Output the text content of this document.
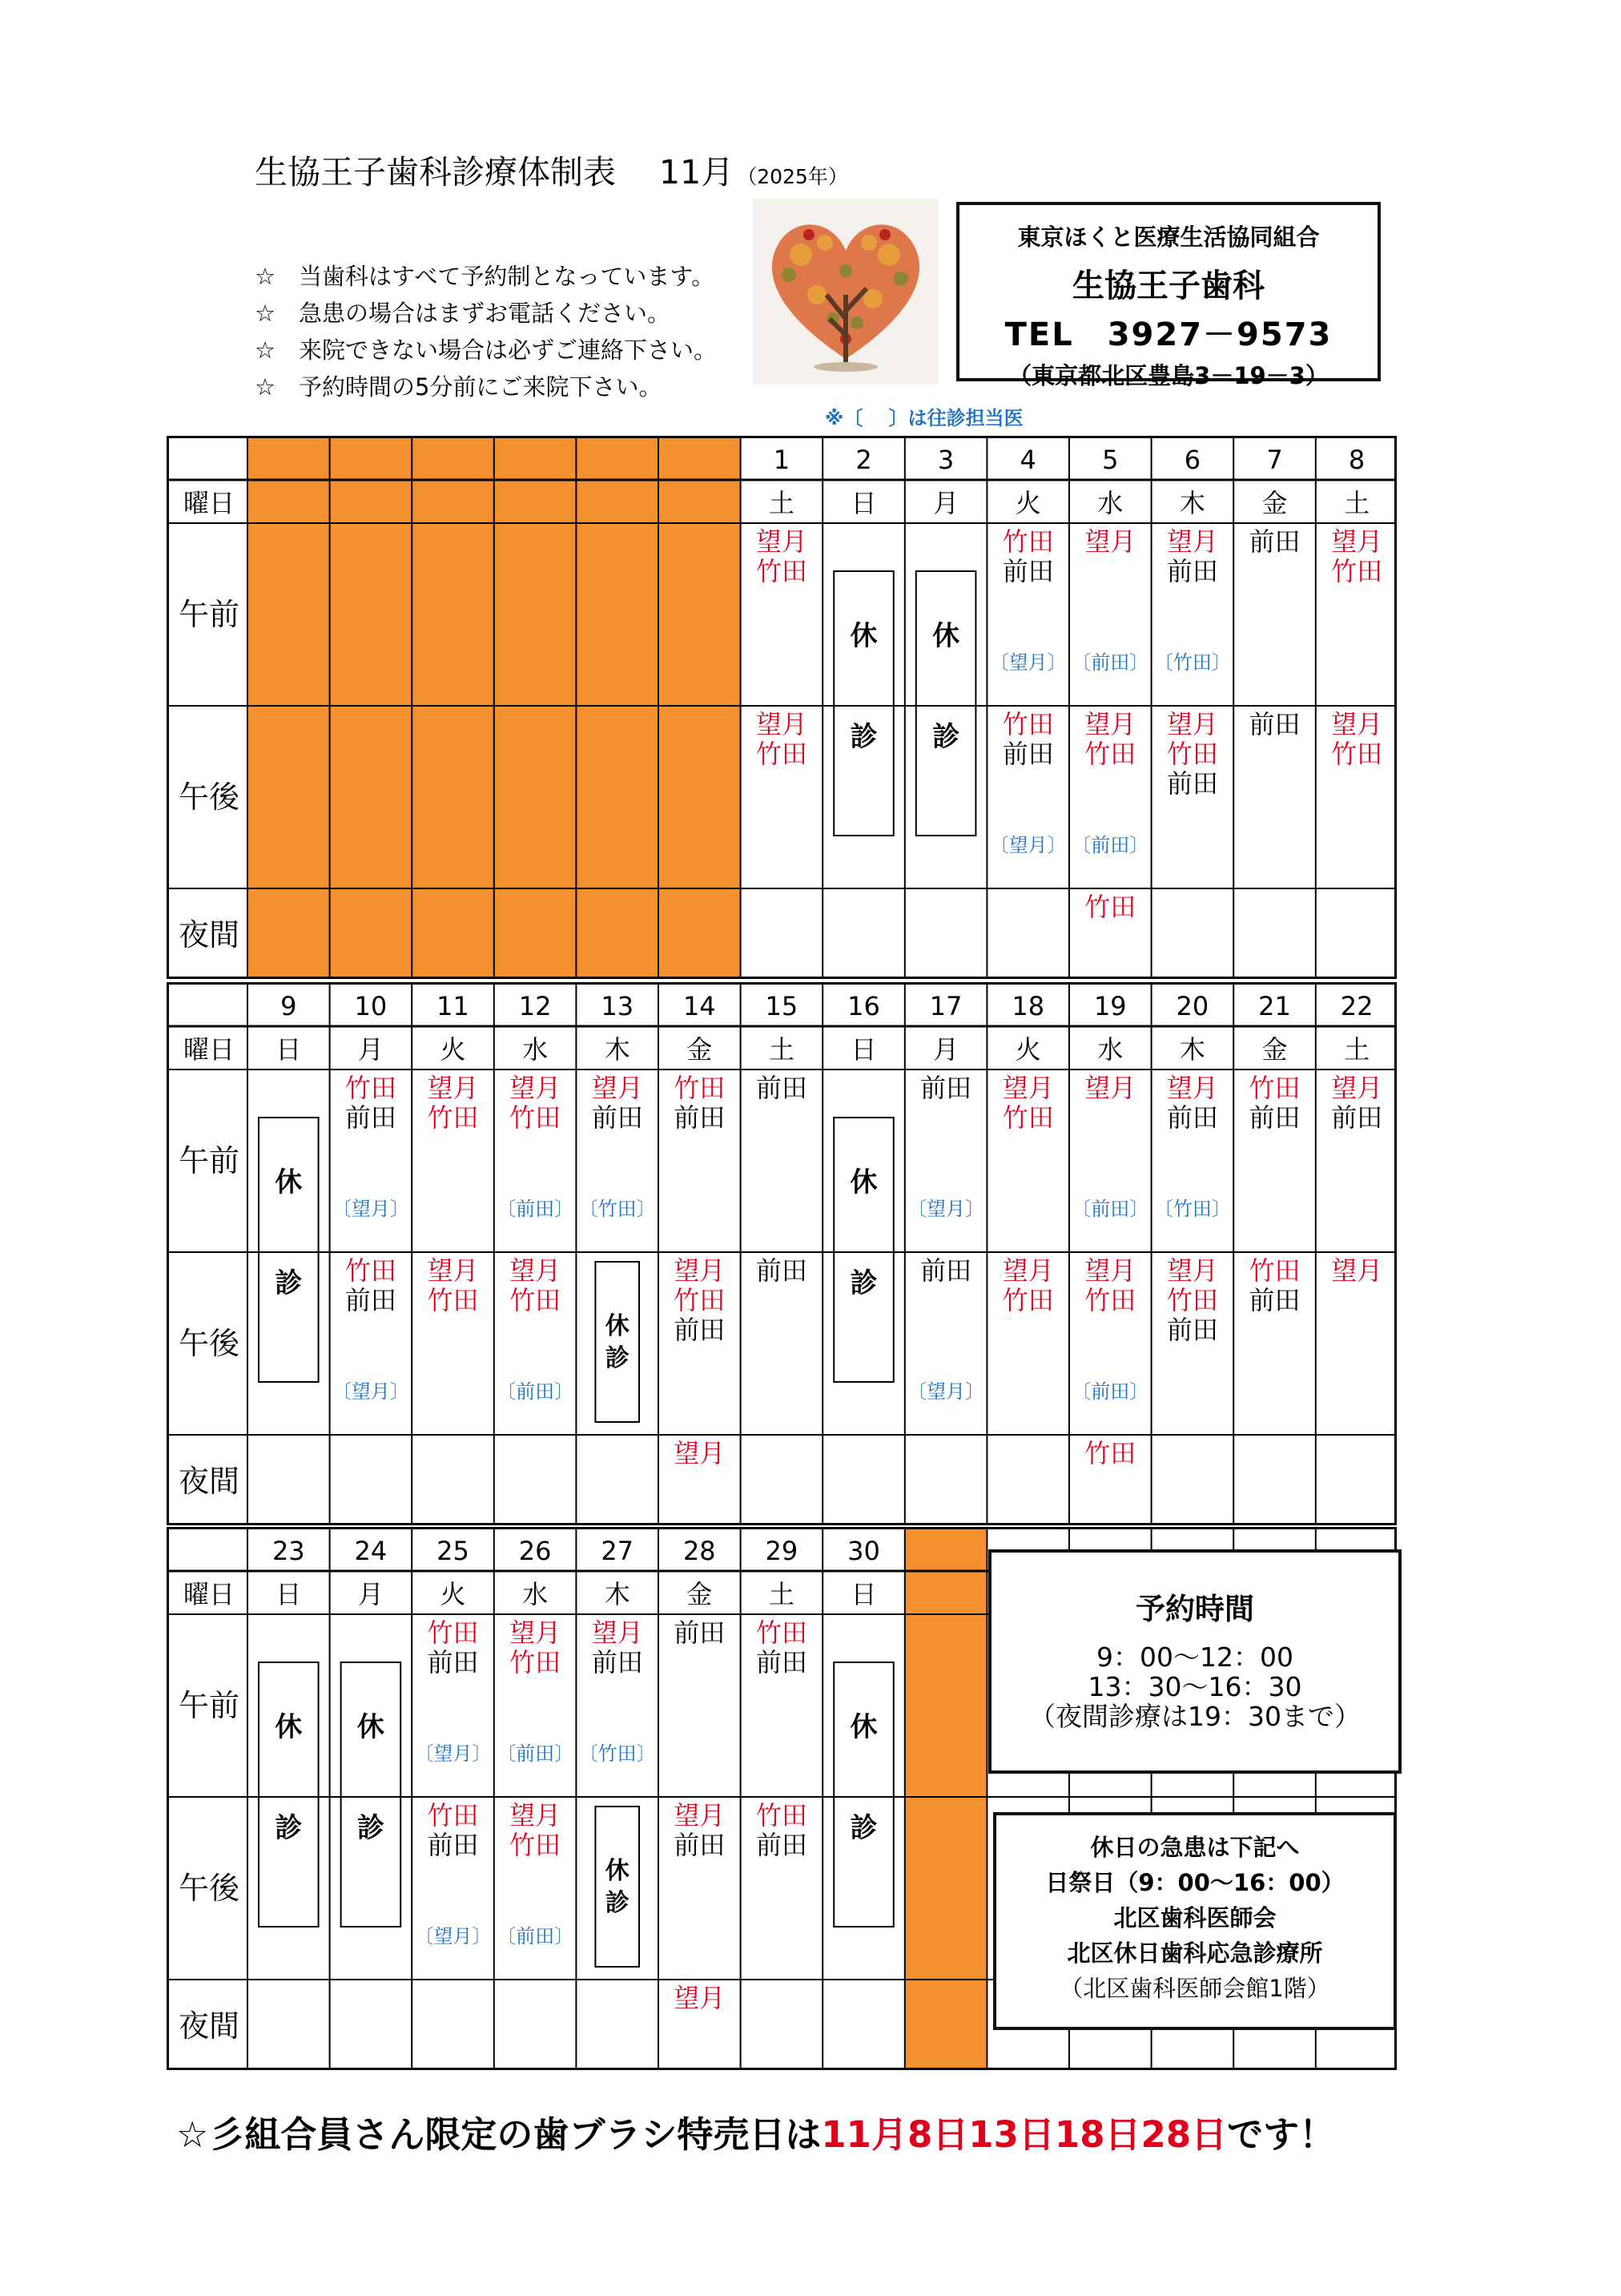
生協王子歯科診療体制表　 11月 （2025年）
☆　当歯科はすべて予約制となっています。
☆　急患の場合はまずお電話ください。
☆　来院できない場合は必ずご連絡下さい。
☆　予約時間の5分前にご来院下さい。
東京ほくと医療生活協同組合
生協王子歯科
TEL　3927－9573
（東京都北区豊島3－19－3）
※〔　 〕は往診担当医
曜日
午前
午後
夜間
1
土
望月
竹田
望月
竹田
2
日
休
診
3
月
休
診
4
火
竹田
前田
〔望月〕
竹田
前田
〔望月〕
5
水
望月
〔前田〕
望月
竹田
〔前田〕
竹田
6
木
望月
前田
〔竹田〕
望月
竹田
前田
7
金
前田
前田
8
土
望月
竹田
望月
竹田
曜日
午前
午後
夜間
9
日
休
診
10
月
竹田
前田
〔望月〕
竹田
前田
〔望月〕
11
火
望月
竹田
望月
竹田
12
水
望月
竹田
〔前田〕
望月
竹田
〔前田〕
13
木
望月
前田
〔竹田〕
休
診
14
金
竹田
前田
望月
竹田
前田
望月
15
土
前田
前田
16
日
休
診
17
月
前田
〔望月〕
前田
〔望月〕
18
火
望月
竹田
望月
竹田
19
水
望月
〔前田〕
望月
竹田
〔前田〕
竹田
20
木
望月
前田
〔竹田〕
望月
竹田
前田
21
金
竹田
前田
竹田
前田
22
土
望月
前田
望月
曜日
午前
午後
夜間
23
日
休
診
24
月
休
診
25
火
竹田
前田
〔望月〕
竹田
前田
〔望月〕
26
水
望月
竹田
〔前田〕
望月
竹田
〔前田〕
27
木
望月
前田
〔竹田〕
休
診
28
金
前田
望月
前田
望月
29
土
竹田
前田
竹田
前田
30
日
休
診
予約時間
9：00～12：00
13：30～16：30
（夜間診療は19：30まで）
休日の急患は下記へ
日祭日（9：00～16：00）
北区歯科医師会
北区休日歯科応急診療所
（北区歯科医師会館1階）
☆彡組合員さん限定の歯ブラシ特売日は11月8日13日18日28日です！
